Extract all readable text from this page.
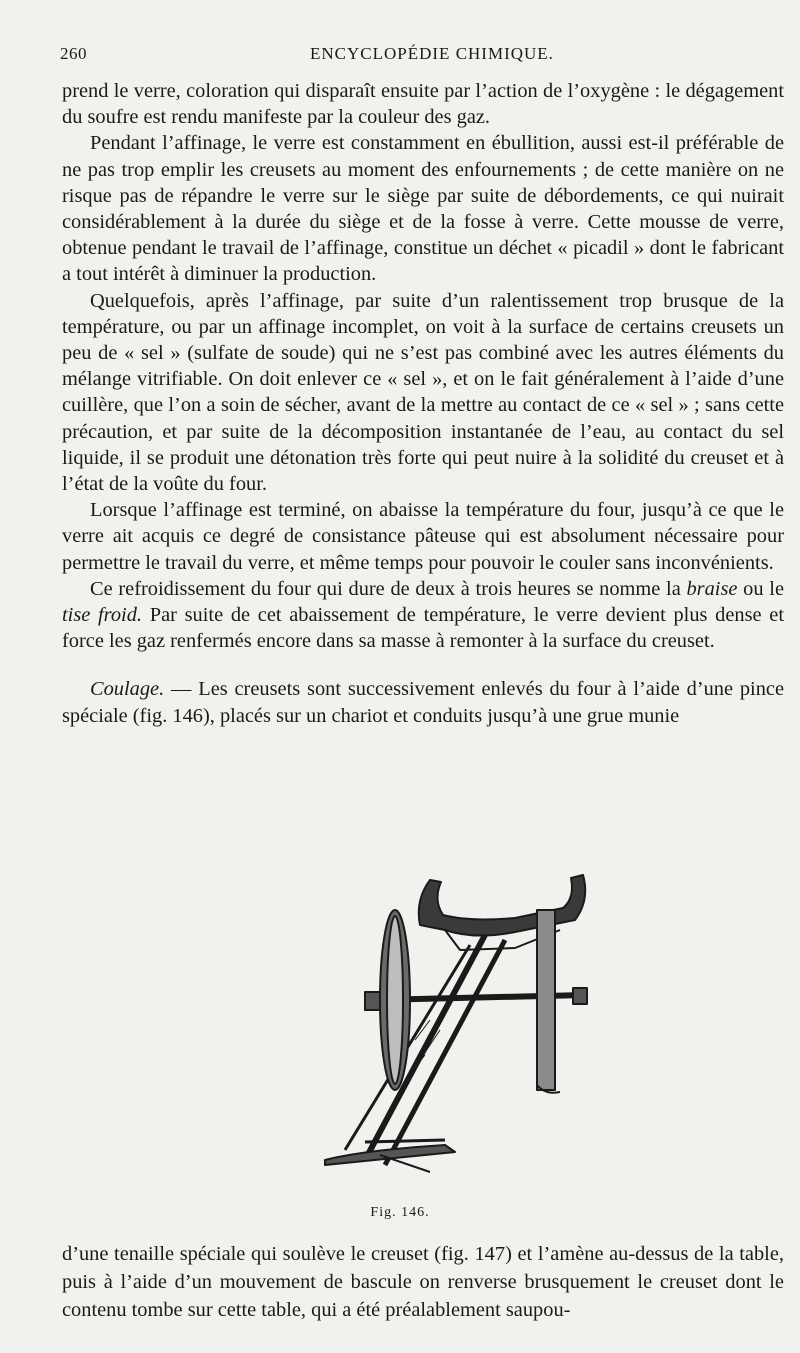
260	ENCYCLOPÉDIE CHIMIQUE.

prend le verre, coloration qui disparaît ensuite par l’action de l’oxygène : le dégagement du soufre est rendu manifeste par la couleur des gaz.

Pendant l’affinage, le verre est constamment en ébullition, aussi est-il préférable de ne pas trop emplir les creusets au moment des enfournements ; de cette manière on ne risque pas de répandre le verre sur le siège par suite de débordements, ce qui nuirait considérablement à la durée du siège et de la fosse à verre. Cette mousse de verre, obtenue pendant le travail de l’affinage, constitue un déchet « picadil » dont le fabricant a tout intérêt à diminuer la production.

Quelquefois, après l’affinage, par suite d’un ralentissement trop brusque de la température, ou par un affinage incomplet, on voit à la surface de certains creusets un peu de « sel » (sulfate de soude) qui ne s’est pas combiné avec les autres éléments du mélange vitrifiable. On doit enlever ce « sel », et on le fait généralement à l’aide d’une cuillère, que l’on a soin de sécher, avant de la mettre au contact de ce « sel » ; sans cette précaution, et par suite de la décomposition instantanée de l’eau, au contact du sel liquide, il se produit une détonation très forte qui peut nuire à la solidité du creuset et à l’état de la voûte du four.

Lorsque l’affinage est terminé, on abaisse la température du four, jusqu’à ce que le verre ait acquis ce degré de consistance pâteuse qui est absolument nécessaire pour permettre le travail du verre, et même temps pour pouvoir le couler sans inconvénients.

Ce refroidissement du four qui dure de deux à trois heures se nomme la braise ou le tise froid. Par suite de cet abaissement de température, le verre devient plus dense et force les gaz renfermés encore dans sa masse à remonter à la surface du creuset.

Coulage. — Les creusets sont successivement enlevés du four à l’aide d’une pince spéciale (fig. 146), placés sur un chariot et conduits jusqu’à une grue munie

Fig. 146.

d’une tenaille spéciale qui soulève le creuset (fig. 147) et l’amène au-dessus de la table, puis à l’aide d’un mouvement de bascule on renverse brusquement le creuset dont le contenu tombe sur cette table, qui a été préalablement saupou-
